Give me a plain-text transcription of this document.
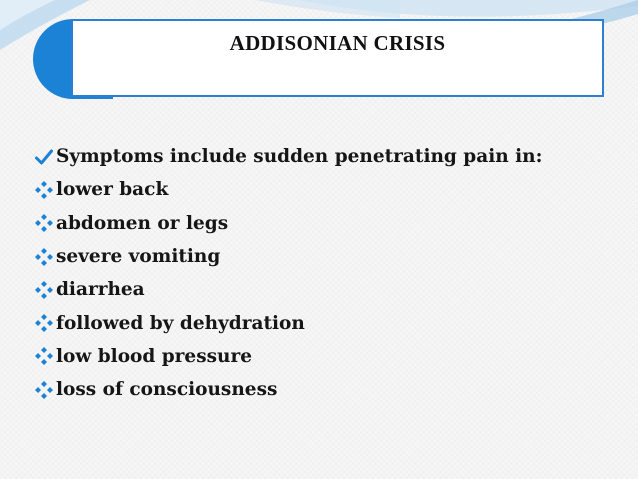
ADDISONIAN CRISIS
Symptoms include sudden penetrating pain in:
lower back
abdomen or legs
severe vomiting
diarrhea
followed by dehydration
low blood pressure
loss of consciousness
